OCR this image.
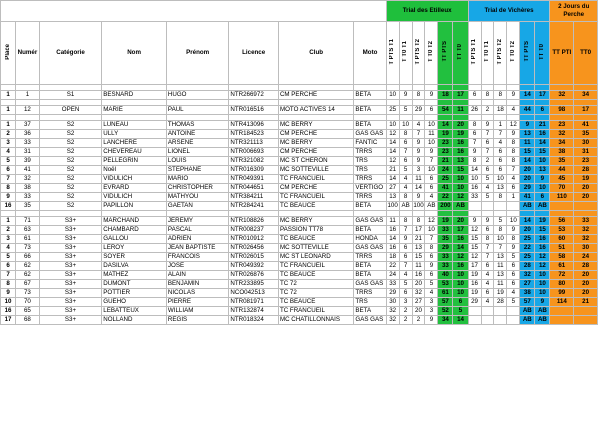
								Trial des Etilleux						Trial de Vichères						2 Jours du Perche	
Place	Numér	Catégorie	Nom	Prénom	Licence	Club	Moto	T PTS T1	T T0 T1	T PTS T2	T T0 T2	TT PTS	TT T0	T PTS T1	T T0 T1	T PTS T2	T T0 T2	TT PTS	TT T0	TT PTI	TT0

1	1	S1	BESNARD	HUGO	NTR266972	CM PERCHE	BETA	10	9	8	9	18	17	6	8	8	9	14	17	32	34

1	12	OPEN	MARIE	PAUL	NTR016516	MOTO ACTIVES 14	BETA	25	5	29	6	54	11	26	2	18	4	44	6	98	17

1	37	S2	LUNEAU	THOMAS	NTR413096	MC BERRY	BETA	10	10	4	10	14	20	8	9	1	12	9	21	23	41
2	36	S2	ULLY	ANTOINE	NTR184523	CM PERCHE	GAS GAS	12	8	7	11	19	19	6	7	7	9	13	16	32	35
3	33	S2	LANCHERE	ARSENE	NTR321113	MC BERRY	FANTIC	14	6	9	10	23	16	7	6	4	8	11	14	34	30
4	31	S2	CHEVEREAU	LIONEL	NTR006693	CM PERCHE	TRRS	14	7	9	9	23	16	9	7	6	8	15	15	38	31
5	39	S2	PELLEGRIN	LOUIS	NTR321082	MC ST CHERON	TRS	12	6	9	7	21	13	8	2	6	8	14	10	35	23
6	41	S2	Noël	STEPHANE	NTR016309	MC SOTTEVILLE	TRS	21	5	3	10	24	15	14	6	6	7	20	13	44	28
7	32	S2	VIDULICH	MARIO	NTR049391	TC FRANCUEIL	TRRS	14	4	11	6	25	10	10	5	10	4	20	9	45	19
8	38	S2	EVRARD	CHRISTOPHER	NTR044651	CM PERCHE	VERTIGO	27	4	14	6	41	10	16	4	13	6	29	10	70	20
9	33	S2	VIDULICH	MATHYOU	NTR384211	TC FRANCUEIL	TRRS	13	8	9	4	22	12	33	5	8	1	41	6	110	20
16	35	S2	PAPILLON	GAETAN	NTR284241	TC BEAUCE	BETA	100	AB	100	AB	200	AB					AB	AB		

1	71	S3+	MARCHAND	JEREMY	NTR108826	MC BERRY	GAS GAS	11	8	8	12	19	20	9	9	5	10	14	19	56	33
2	63	S3+	CHAMBARD	PASCAL	NTR008237	PASSION TT78	BETA	16	7	17	10	33	17	12	6	8	9	20	15	53	32
3	61	S3+	GALLOU	ADRIEN	NTR010912	TC BEAUCE	HONDA	14	9	21	7	35	16	15	8	10	8	25	16	60	32
4	73	S3+	LEROY	JEAN BAPTISTE	NTR026456	MC SOTTEVILLE	GAS GAS	16	6	13	8	29	14	15	7	7	9	22	16	51	30
5	66	S3+	SOYER	FRANCOIS	NTR026015	MC ST LEONARD	TRRS	18	6	15	6	33	12	12	7	13	5	25	12	58	24
6	62	S3+	DASILVA	JOSE	NTR049392	TC FRANCUEIL	BETA	22	7	11	9	33	16	17	6	11	6	28	12	61	28
7	62	S3+	MATHEZ	ALAIN	NTR026876	TC BEAUCE	BETA	24	4	16	6	40	10	19	4	13	6	32	10	72	20
8	67	S3+	DUMONT	BENJAMIN	NTR233895	TC 72	GAS GAS	33	5	20	5	53	10	16	4	11	6	27	10	80	20
9	73	S3+	POTTIER	NICOLAS	NCO042513	TC 72	TRRS	29	6	32	4	61	10	19	6	19	4	38	10	99	20
10	70	S3+	GUEHO	PIERRE	NTR081971	TC BEAUCE	TRS	30	3	27	3	57	6	29	4	28	5	57	9	114	21
16	65	S3+	LEBATTEUX	WILLIAM	NTR132874	TC FRANCUEIL	BETA	32	2	20	3	52	5					AB	AB		
17	68	S3+	NOLLAND	REGIS	NTR018324	MC CHATILLONNAIS	GAS GAS	32	2	2	9	34	14					AB	AB		
